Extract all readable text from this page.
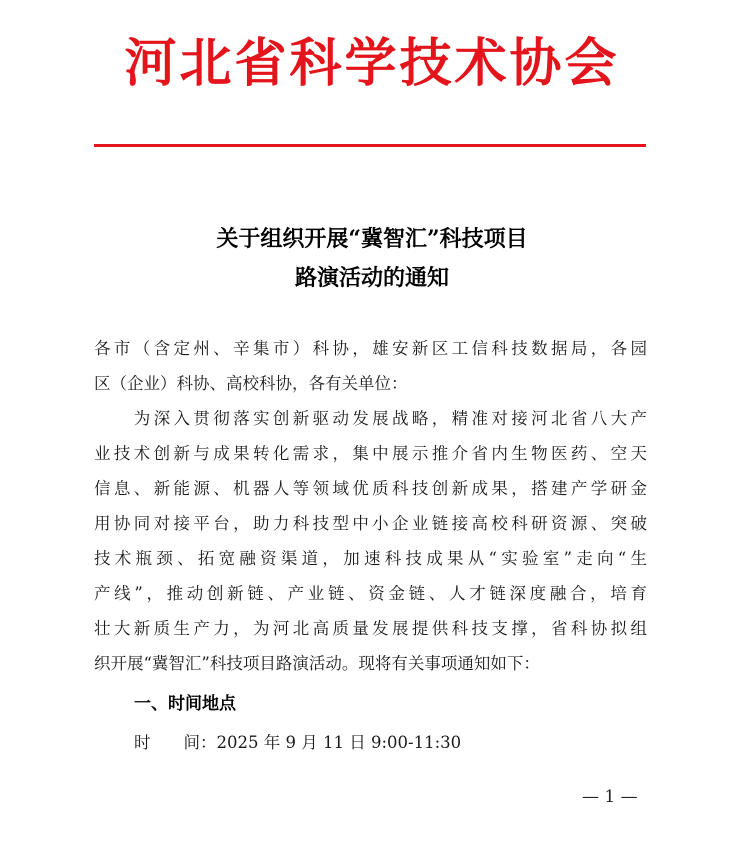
河北省科学技术协会
关于组织开展“冀智汇”科技项目
路演活动的通知
各市（含定州、辛集市）科协，雄安新区工信科技数据局，各园
区（企业）科协、高校科协，各有关单位：
　　为深入贯彻落实创新驱动发展战略，精准对接河北省八大产
业技术创新与成果转化需求，集中展示推介省内生物医药、空天
信息、新能源、机器人等领域优质科技创新成果，搭建产学研金
用协同对接平台，助力科技型中小企业链接高校科研资源、突破
技术瓶颈、拓宽融资渠道，加速科技成果从“实验室”走向“生
产线”，推动创新链、产业链、资金链、人才链深度融合，培育
壮大新质生产力，为河北高质量发展提供科技支撑，省科协拟组
织开展“冀智汇”科技项目路演活动。现将有关事项通知如下：
一、时间地点
时　　间：2025 年 9 月 11 日 9:00-11:30
— 1 —
